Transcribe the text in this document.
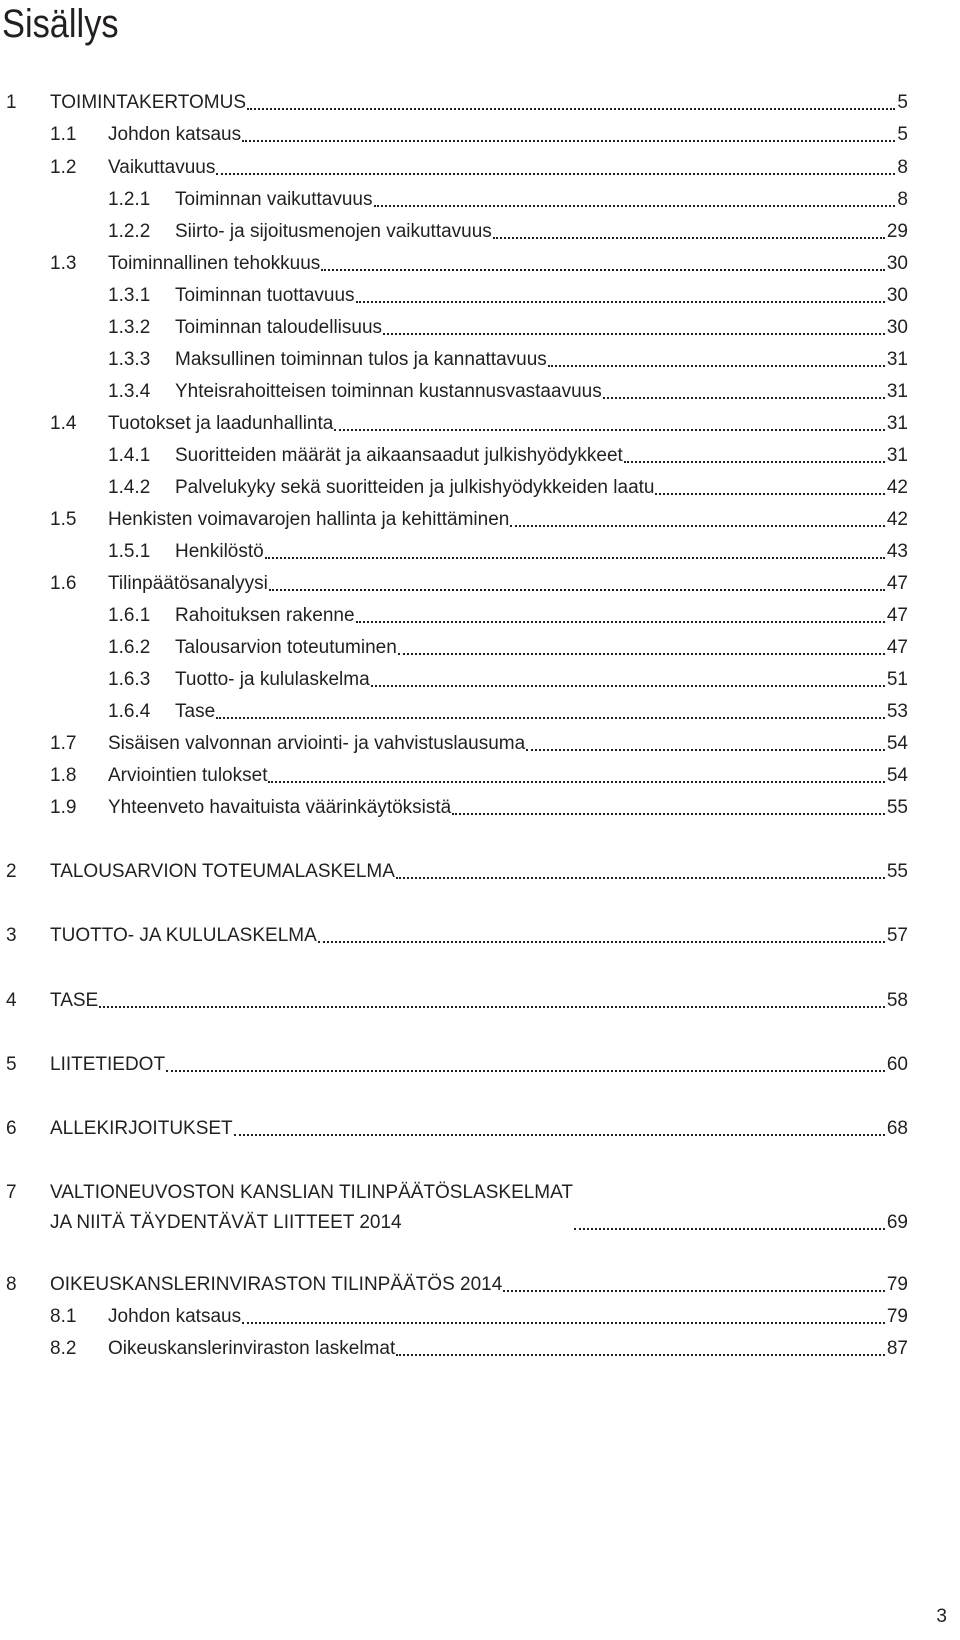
Sisällys
1 TOIMINTAKERTOMUS	5
1.1 Johdon katsaus	5
1.2 Vaikuttavuus	8
1.2.1 Toiminnan vaikuttavuus	8
1.2.2 Siirto- ja sijoitusmenojen vaikuttavuus	29
1.3 Toiminnallinen tehokkuus	30
1.3.1 Toiminnan tuottavuus	30
1.3.2 Toiminnan taloudellisuus	30
1.3.3 Maksullinen toiminnan tulos ja kannattavuus	31
1.3.4 Yhteisrahoitteisen toiminnan kustannusvastaavuus	31
1.4 Tuotokset ja laadunhallinta	31
1.4.1 Suoritteiden määrät ja aikaansaadut julkishyödykkeet	31
1.4.2 Palvelukyky sekä suoritteiden ja julkishyödykkeiden laatu	42
1.5 Henkisten voimavarojen hallinta ja kehittäminen	42
1.5.1 Henkilöstö	43
1.6 Tilinpäätösanalyysi	47
1.6.1 Rahoituksen rakenne	47
1.6.2 Talousarvion toteutuminen	47
1.6.3 Tuotto- ja kululaskelma	51
1.6.4 Tase	53
1.7 Sisäisen valvonnan arviointi- ja vahvistuslausuma	54
1.8 Arviointien tulokset	54
1.9 Yhteenveto havaituista väärinkäytöksistä	55
2 TALOUSARVION TOTEUMALASKELMA	55
3 TUOTTO- JA KULULASKELMA	57
4 TASE	58
5 LIITETIEDOT	60
6 ALLEKIRJOITUKSET	68
7 VALTIONEUVOSTON KANSLIAN TILINPÄÄTÖSLASKELMAT
JA NIITÄ TÄYDENTÄVÄT LIITTEET 2014	69
8 OIKEUSKANSLERINVIRASTON TILINPÄÄTÖS 2014	79
8.1 Johdon katsaus	79
8.2 Oikeuskanslerinviraston laskelmat	87
3
